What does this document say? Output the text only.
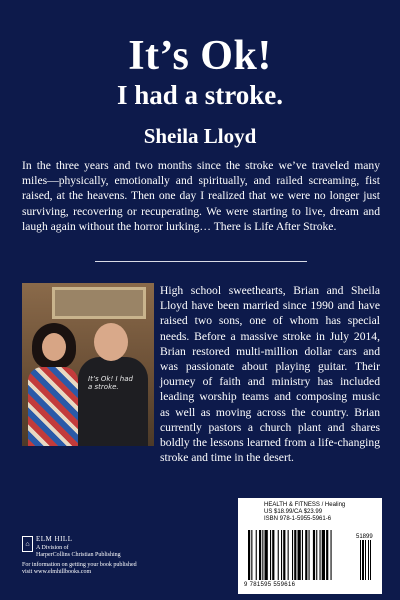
It’s Ok!
I had a stroke.
Sheila Lloyd

In the three years and two months since the stroke we’ve traveled many miles—physically, emotionally and spiritually, and railed screaming, fist raised, at the heavens. Then one day I realized that we were no longer just surviving, recovering or recuperating. We were starting to live, dream and laugh again without the horror lurking… There is Life After Stroke.

It’s Ok! I had a stroke.
High school sweethearts, Brian and Sheila Lloyd have been married since 1990 and have raised two sons, one of whom has special needs. Before a massive stroke in July 2014, Brian restored multi-million dollar cars and was passionate about playing guitar. Their journey of faith and ministry has included leading worship teams and composing music as well as moving across the country. Brian currently pastors a church plant and shares boldly the lessons learned from a life-changing stroke and time in the desert.
⌂
ELM HILL
A Division of
HarperCollins Christian Publishing
For information on getting your book published
visit www.elmhillbooks.com
HEALTH & FITNESS / Healing
US $18.99/CA $23.99
ISBN 978-1-5955-5961-6
51899
9 781595 559616
